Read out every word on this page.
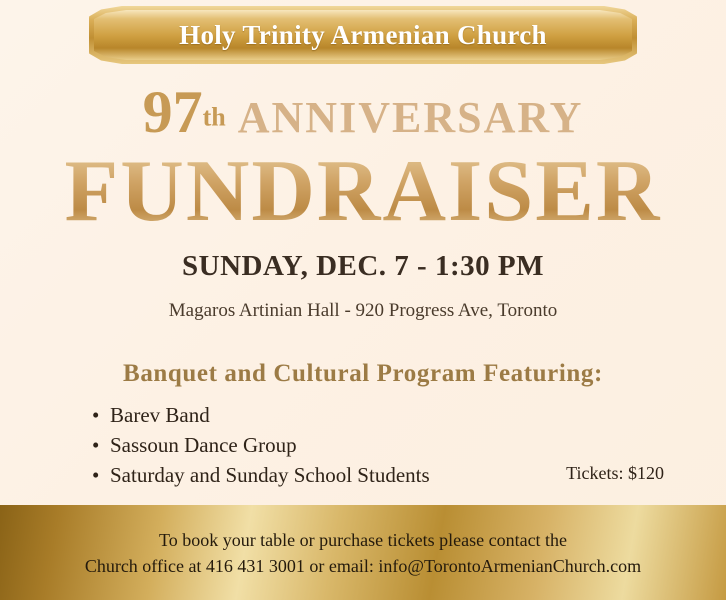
Holy Trinity Armenian Church
97th ANNIVERSARY
FUNDRAISER
SUNDAY, DEC. 7 - 1:30 PM
Magaros Artinian Hall - 920 Progress Ave, Toronto
Banquet and Cultural Program Featuring:
• Barev Band
• Sassoun Dance Group
• Saturday and Sunday School Students	Tickets: $120
To book your table or purchase tickets please contact the
Church office at 416 431 3001 or email: info@TorontoArmenianChurch.com
